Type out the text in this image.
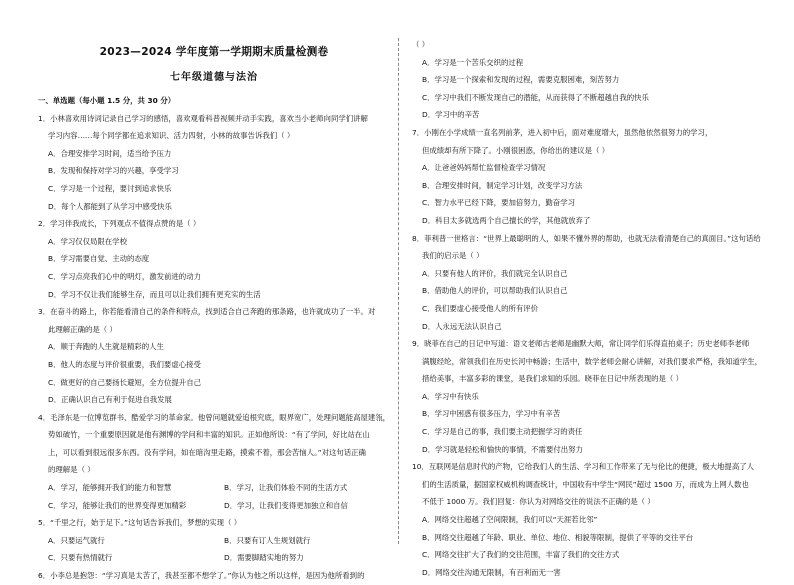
2023—2024 学年度第一学期期末质量检测卷
七年级道德与法治
一、单选题（每小题 1.5 分，共 30 分）
1．小林喜欢用诗词记录自己学习的感悟，喜欢观看科普视频并动手实践，喜欢当小老师向同学们讲解
学习内容……每个同学都在追求知识、活力四射，小林的故事告诉我们（ ）
A．合理安排学习时间，适当给予压力
B．发现和保持对学习的兴趣，享受学习
C．学习是一个过程，要讨到追求快乐
D．每个人都能到了从学习中感受快乐
2．学习伴我成长，下列观点不值得点赞的是（ ）
A．学习仅仅局限在学校
B．学习需要自觉、主动的态度
C．学习点亮我们心中的明灯，激发前进的动力
D．学习不仅让我们能够生存，而且可以让我们拥有更充实的生活
3．在奋斗的路上，你若能看清自己的条件和特点，找到适合自己奔跑的那条路，也许就成功了一半。对
此理解正确的是（ ）
A．顺于奔跑的人生就是精彩的人生
B．他人的态度与评价很重要，我们要虚心接受
C．做更好的自己要扬长避短，全方位提升自己
D．正确认识自己有利于促进自我发展
4．毛泽东是一位博览群书、酷爱学习的革命家。他曾问题就爱追根究底，眼界宽广，处理问题能高屋建瓴，
势如破竹，一个重要原因就是他有渊博的学问和丰富的知识。正如他所说：“有了学问，好比站在山
上，可以看到很远很多东西。没有学问，如在暗沟里走路，摸索不着，那会苦恼人。”对这句话正确
的理解是（ ）
A．学习，能够拥开我们的能力和智慧	B．学习，让我们体验不同的生活方式
C．学习，能够让我们的世界变得更加精彩	D．学习，让我们变得更加独立和自信
5．“千里之行，始于足下。”这句话告诉我们，梦想的实现（ ）
A．只要运气就行	B．只要有订人生规划就行
C．只要有热情就行	D．需要脚踏实地的努力
6．小李总是抱怨：“学习真是太苦了，我甚至都不想学了。”你认为他之所以这样，是因为他所看到的
（ ）
A．学习是一个苦乐交织的过程
B．学习是一个探索和发现的过程，需要克服困难，刻苦努力
C．学习中我们不断发现自己的潜能，从而获得了不断超越自我的快乐
D．学习中的辛苦
7．小刚在小学成绩一直名列前茅，进入初中后，面对难度增大，虽然他依然很努力的学习，
但成绩却有所下降了。小刚很困惑，你给出的建议是（ ）
A．让爸爸妈妈帮忙监督检查学习情况
B．合理安排时间，制定学习计划，改变学习方法
C．智力水平已经下降，要加倍努力，勤奋学习
D．科目太多就选两个自己擅长的学，其他就放弃了
8．菲利普一世格言：“世界上最聪明的人，如果不懂外界的帮助，也就无法看清楚自己的真面目。”这句话给
我们的启示是（ ）
A．只要有他人的评价，我们就完全认识自己
B．借助他人的评价，可以帮助我们认识自己
C．我们要虚心接受他人的所有评价
D．人永远无法认识自己
9．晓菲在自己的日记中写道：语文老师古老师是幽默大师，常让同学们乐得直拍桌子；历史老师李老师
满腹经纶，常领我们在历史长河中畅游；生活中，数学老师会耐心讲解，对我们要求严格，我知道学生，
措给美事，丰富多彩的课堂，是我们求知的乐园。晓菲在日记中所表现的是（ ）
A．学习中有快乐
B．学习中困惑有很多压力，学习中有辛苦
C．学习是自己的事，我们要主动把握学习的责任
D．学习就是轻松和愉快的事情，不需要付出努力
10．互联网是信息时代的产物，它给我们人的生活、学习和工作带来了无与伦比的便捷，极大地提高了人
们的生活质量，据国家权威机构调查统计，中国收有中学生“网民”超过 1500 万，而成为上网人数也
不低于 1000 万。我们回复：你认为对网络交往的说法不正确的是（ ）
A．网络交往超越了空间限制，我们可以“天涯若比邻”
B．网络交往超越了年龄、职业、单位、地位、相貌等限制，提供了平等的交往平台
C．网络交往扩大了我们的交往范围，丰富了我们的交往方式
D．网络交往沟通无限制，有百利而无一害
